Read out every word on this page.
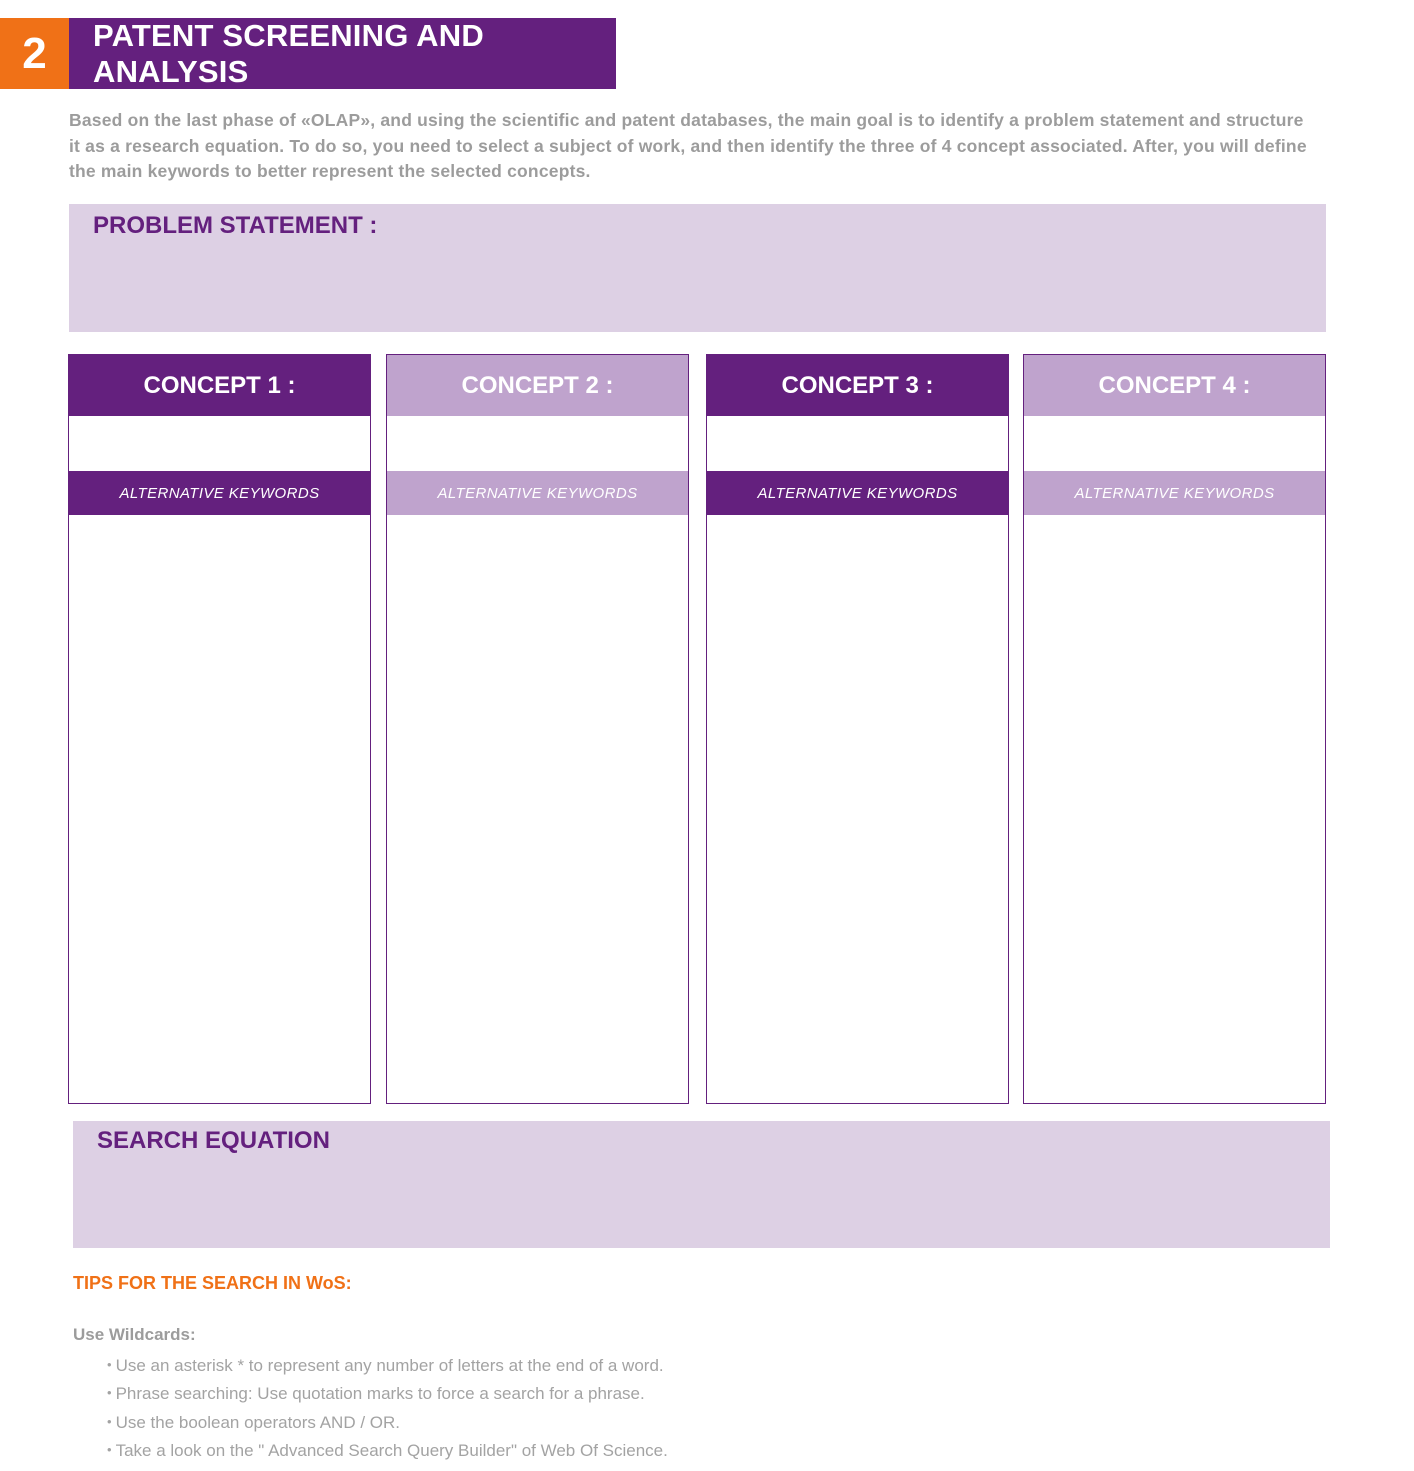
2	PATENT SCREENING AND ANALYSIS
Based on the last phase of «OLAP», and using the scientific and patent databases, the main goal is to identify a problem statement and structure it as a research equation. To do so, you need to select a subject of work, and then identify the three of 4 concept associated. After, you will define the main keywords to better represent the selected concepts.
PROBLEM STATEMENT :
CONCEPT 1 :
ALTERNATIVE KEYWORDS
CONCEPT 2 :
ALTERNATIVE KEYWORDS
CONCEPT 3 :
ALTERNATIVE KEYWORDS
CONCEPT 4 :
ALTERNATIVE KEYWORDS
SEARCH EQUATION
TIPS FOR THE SEARCH IN WoS:
Use Wildcards:
• Use an asterisk * to represent any number of letters at the end of a word.
• Phrase searching: Use quotation marks to force a search for a phrase.
• Use the boolean operators AND / OR.
• Take a look on the " Advanced Search Query Builder" of Web Of Science.
